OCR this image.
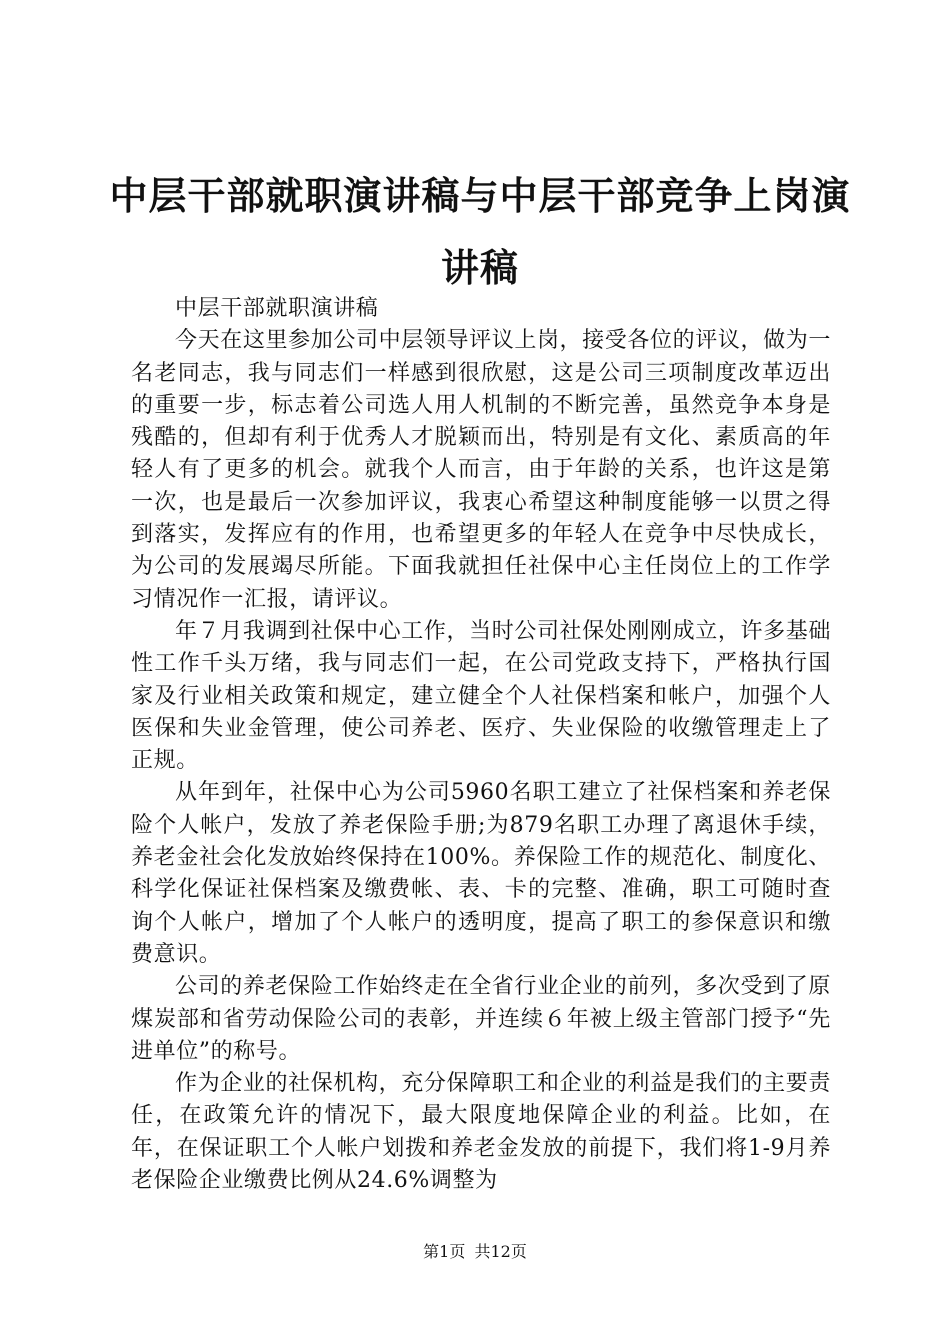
中层干部就职演讲稿与中层干部竞争上岗演讲稿

中层干部就职演讲稿

今天在这里参加公司中层领导评议上岗，接受各位的评议，做为一名老同志，我与同志们一样感到很欣慰，这是公司三项制度改革迈出的重要一步，标志着公司选人用人机制的不断完善，虽然竞争本身是残酷的，但却有利于优秀人才脱颖而出，特别是有文化、素质高的年轻人有了更多的机会。就我个人而言，由于年龄的关系，也许这是第一次，也是最后一次参加评议，我衷心希望这种制度能够一以贯之得到落实，发挥应有的作用，也希望更多的年轻人在竞争中尽快成长，为公司的发展竭尽所能。下面我就担任社保中心主任岗位上的工作学习情况作一汇报，请评议。

年７月我调到社保中心工作，当时公司社保处刚刚成立，许多基础性工作千头万绪，我与同志们一起，在公司党政支持下，严格执行国家及行业相关政策和规定，建立健全个人社保档案和帐户，加强个人医保和失业金管理，使公司养老、医疗、失业保险的收缴管理走上了正规。

从年到年，社保中心为公司5960名职工建立了社保档案和养老保险个人帐户，发放了养老保险手册;为879名职工办理了离退休手续，养老金社会化发放始终保持在100%。养保险工作的规范化、制度化、科学化保证社保档案及缴费帐、表、卡的完整、准确，职工可随时查询个人帐户，增加了个人帐户的透明度，提高了职工的参保意识和缴费意识。

公司的养老保险工作始终走在全省行业企业的前列，多次受到了原煤炭部和省劳动保险公司的表彰，并连续６年被上级主管部门授予“先进单位”的称号。

作为企业的社保机构，充分保障职工和企业的利益是我们的主要责任，在政策允许的情况下，最大限度地保障企业的利益。比如，在年，在保证职工个人帐户划拨和养老金发放的前提下，我们将1-9月养老保险企业缴费比例从24.6%调整为

第1页 共12页
